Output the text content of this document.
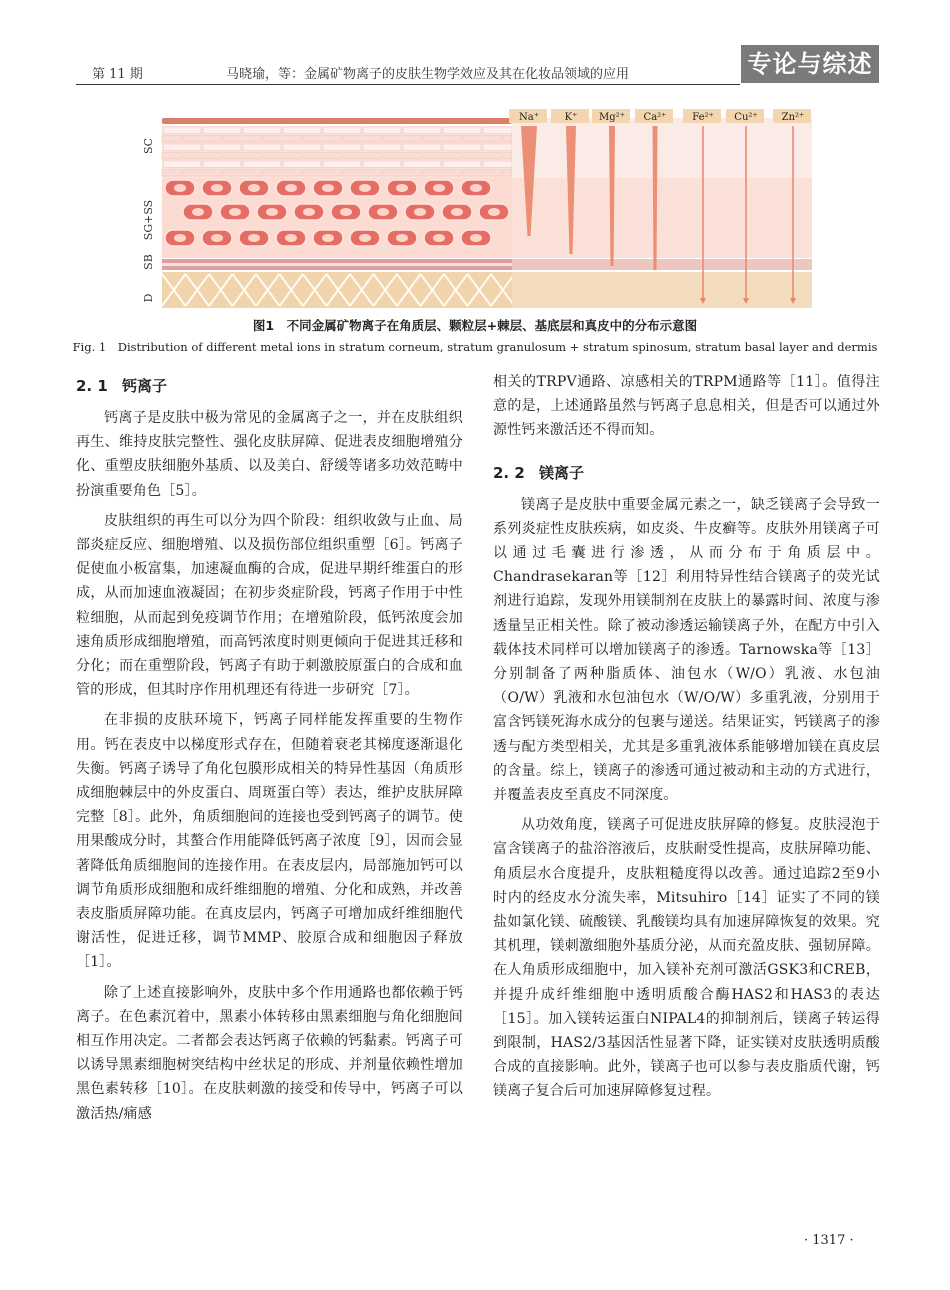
第 11 期	马晓瑜，等：金属矿物离子的皮肤生物学效应及其在化妆品领域的应用	专论与综述
SC
SG+SS
SB
D
Na⁺	K⁺ Mg²⁺ Ca²⁺	Fe²⁺ Cu²⁺ Zn²⁺
图1　不同金属矿物离子在角质层、颗粒层+棘层、基底层和真皮中的分布示意图
Fig. 1　Distribution of different metal ions in stratum corneum, stratum granulosum + stratum spinosum, stratum basal layer and dermis
2. 1 钙离子

钙离子是皮肤中极为常见的金属离子之一，并在皮肤组织再生、维持皮肤完整性、强化皮肤屏障、促进表皮细胞增殖分化、重塑皮肤细胞外基质、以及美白、舒缓等诸多功效范畴中扮演重要角色［5］。

皮肤组织的再生可以分为四个阶段：组织收敛与止血、局部炎症反应、细胞增殖、以及损伤部位组织重塑［6］。钙离子促使血小板富集，加速凝血酶的合成，促进早期纤维蛋白的形成，从而加速血液凝固；在初步炎症阶段，钙离子作用于中性粒细胞，从而起到免疫调节作用；在增殖阶段，低钙浓度会加速角质形成细胞增殖，而高钙浓度时则更倾向于促进其迁移和分化；而在重塑阶段，钙离子有助于刺激胶原蛋白的合成和血管的形成，但其时序作用机理还有待进一步研究［7］。

在非损的皮肤环境下，钙离子同样能发挥重要的生物作用。钙在表皮中以梯度形式存在，但随着衰老其梯度逐渐退化失衡。钙离子诱导了角化包膜形成相关的特异性基因（角质形成细胞棘层中的外皮蛋白、周斑蛋白等）表达，维护皮肤屏障完整［8］。此外，角质细胞间的连接也受到钙离子的调节。使用果酸成分时，其螯合作用能降低钙离子浓度［9］，因而会显著降低角质细胞间的连接作用。在表皮层内，局部施加钙可以调节角质形成细胞和成纤维细胞的增殖、分化和成熟，并改善表皮脂质屏障功能。在真皮层内，钙离子可增加成纤维细胞代谢活性，促进迁移，调节MMP、胶原合成和细胞因子释放［1］。

除了上述直接影响外，皮肤中多个作用通路也都依赖于钙离子。在色素沉着中，黑素小体转移由黑素细胞与角化细胞间相互作用决定。二者都会表达钙离子依赖的钙黏素。钙离子可以诱导黑素细胞树突结构中丝状足的形成、并剂量依赖性增加黑色素转移［10］。在皮肤刺激的接受和传导中，钙离子可以激活热/痛感

相关的TRPV通路、凉感相关的TRPM通路等［11］。值得注意的是，上述通路虽然与钙离子息息相关，但是否可以通过外源性钙来激活还不得而知。

2. 2 镁离子

镁离子是皮肤中重要金属元素之一，缺乏镁离子会导致一系列炎症性皮肤疾病，如皮炎、牛皮癣等。皮肤外用镁离子可以通过毛囊进行渗透，从而分布于角质层中。Chandrasekaran等［12］利用特异性结合镁离子的荧光试剂进行追踪，发现外用镁制剂在皮肤上的暴露时间、浓度与渗透量呈正相关性。除了被动渗透运输镁离子外，在配方中引入载体技术同样可以增加镁离子的渗透。Tarnowska等［13］分别制备了两种脂质体、油包水（W/O）乳液、水包油（O/W）乳液和水包油包水（W/O/W）多重乳液，分别用于富含钙镁死海水成分的包裹与递送。结果证实，钙镁离子的渗透与配方类型相关，尤其是多重乳液体系能够增加镁在真皮层的含量。综上，镁离子的渗透可通过被动和主动的方式进行，并覆盖表皮至真皮不同深度。

从功效角度，镁离子可促进皮肤屏障的修复。皮肤浸泡于富含镁离子的盐浴溶液后，皮肤耐受性提高，皮肤屏障功能、角质层水合度提升，皮肤粗糙度得以改善。通过追踪2至9小时内的经皮水分流失率，Mitsuhiro［14］证实了不同的镁盐如氯化镁、硫酸镁、乳酸镁均具有加速屏障恢复的效果。究其机理，镁刺激细胞外基质分泌，从而充盈皮肤、强韧屏障。在人角质形成细胞中，加入镁补充剂可激活GSK3和CREB，并提升成纤维细胞中透明质酸合酶HAS2和HAS3的表达［15］。加入镁转运蛋白NIPAL4的抑制剂后，镁离子转运得到限制，HAS2/3基因活性显著下降，证实镁对皮肤透明质酸合成的直接影响。此外，镁离子也可以参与表皮脂质代谢，钙镁离子复合后可加速屏障修复过程。

· 1317 ·
